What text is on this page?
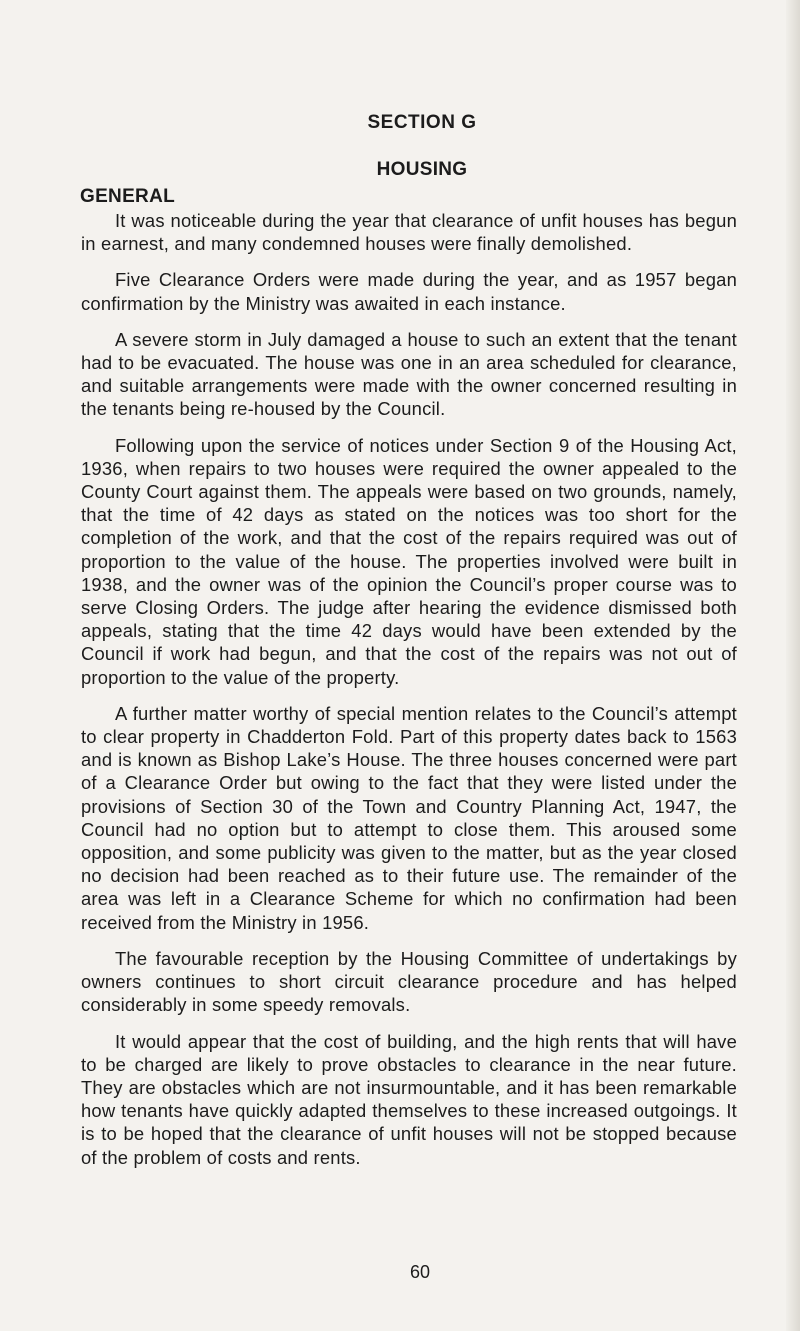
SECTION G
HOUSING
GENERAL

It was noticeable during the year that clearance of unfit houses has begun in earnest, and many condemned houses were finally demolished.

Five Clearance Orders were made during the year, and as 1957 began confirmation by the Ministry was awaited in each instance.

A severe storm in July damaged a house to such an extent that the tenant had to be evacuated. The house was one in an area scheduled for clearance, and suitable arrangements were made with the owner concerned resulting in the tenants being re-housed by the Council.

Following upon the service of notices under Section 9 of the Housing Act, 1936, when repairs to two houses were required the owner appealed to the County Court against them. The appeals were based on two grounds, namely, that the time of 42 days as stated on the notices was too short for the completion of the work, and that the cost of the repairs required was out of proportion to the value of the house. The properties involved were built in 1938, and the owner was of the opinion the Council’s proper course was to serve Closing Orders. The judge after hearing the evidence dismissed both appeals, stating that the time 42 days would have been extended by the Council if work had begun, and that the cost of the repairs was not out of proportion to the value of the property.

A further matter worthy of special mention relates to the Council’s attempt to clear property in Chadderton Fold. Part of this property dates back to 1563 and is known as Bishop Lake’s House. The three houses concerned were part of a Clearance Order but owing to the fact that they were listed under the provisions of Section 30 of the Town and Country Planning Act, 1947, the Council had no option but to attempt to close them. This aroused some opposition, and some publicity was given to the matter, but as the year closed no decision had been reached as to their future use. The remainder of the area was left in a Clearance Scheme for which no confirmation had been received from the Ministry in 1956.

The favourable reception by the Housing Committee of undertakings by owners continues to short circuit clearance procedure and has helped considerably in some speedy removals.

It would appear that the cost of building, and the high rents that will have to be charged are likely to prove obstacles to clearance in the near future. They are obstacles which are not insurmountable, and it has been remarkable how tenants have quickly adapted themselves to these increased outgoings. It is to be hoped that the clearance of unfit houses will not be stopped because of the problem of costs and rents.

60
